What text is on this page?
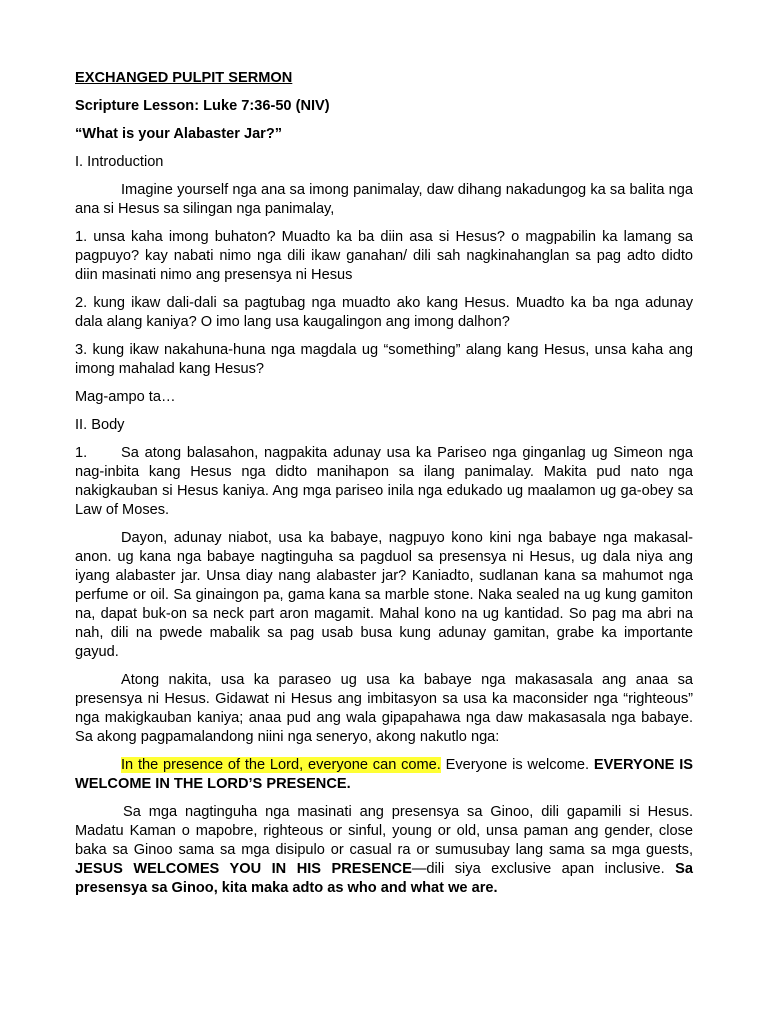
EXCHANGED PULPIT SERMON

Scripture Lesson: Luke 7:36-50 (NIV)

“What is your Alabaster Jar?”

I. Introduction

Imagine yourself nga ana sa imong panimalay, daw dihang nakadungog ka sa balita nga ana si Hesus sa silingan nga panimalay,

1. unsa kaha imong buhaton? Muadto ka ba diin asa si Hesus? o magpabilin ka lamang sa pagpuyo? kay nabati nimo nga dili ikaw ganahan/ dili sah nagkinahanglan sa pag adto didto diin masinati nimo ang presensya ni Hesus

2. kung ikaw dali-dali sa pagtubag nga muadto ako kang Hesus. Muadto ka ba nga adunay dala alang kaniya? O imo lang usa kaugalingon ang imong dalhon?

3. kung ikaw nakahuna-huna nga magdala ug “something” alang kang Hesus, unsa kaha ang imong mahalad kang Hesus?

Mag-ampo ta…

II. Body

1. Sa atong balasahon, nagpakita adunay usa ka Pariseo nga ginganlag ug Simeon nga nag-inbita kang Hesus nga didto manihapon sa ilang panimalay. Makita pud nato nga nakigkauban si Hesus kaniya. Ang mga pariseo inila nga edukado ug maalamon ug ga-obey sa Law of Moses.

Dayon, adunay niabot, usa ka babaye, nagpuyo kono kini nga babaye nga makasal-anon. ug kana nga babaye nagtinguha sa pagduol sa presensya ni Hesus, ug dala niya ang iyang alabaster jar. Unsa diay nang alabaster jar? Kaniadto, sudlanan kana sa mahumot nga perfume or oil. Sa ginaingon pa, gama kana sa marble stone. Naka sealed na ug kung gamiton na, dapat buk-on sa neck part aron magamit. Mahal kono na ug kantidad. So pag ma abri na nah, dili na pwede mabalik sa pag usab busa kung adunay gamitan, grabe ka importante gayud.

Atong nakita, usa ka paraseo ug usa ka babaye nga makasasala ang anaa sa presensya ni Hesus. Gidawat ni Hesus ang imbitasyon sa usa ka maconsider nga “righteous” nga makigkauban kaniya; anaa pud ang wala gipapahawa nga daw makasasala nga babaye. Sa akong pagpamalandong niini nga seneryo, akong nakutlo nga:

In the presence of the Lord, everyone can come. Everyone is welcome. EVERYONE IS WELCOME IN THE LORD’S PRESENCE.

Sa mga nagtinguha nga masinati ang presensya sa Ginoo, dili gapamili si Hesus. Madatu Kaman o mapobre, righteous or sinful, young or old, unsa paman ang gender, close baka sa Ginoo sama sa mga disipulo or casual ra or sumusubay lang sama sa mga guests, JESUS WELCOMES YOU IN HIS PRESENCE—dili siya exclusive apan inclusive. Sa presensya sa Ginoo, kita maka adto as who and what we are.
